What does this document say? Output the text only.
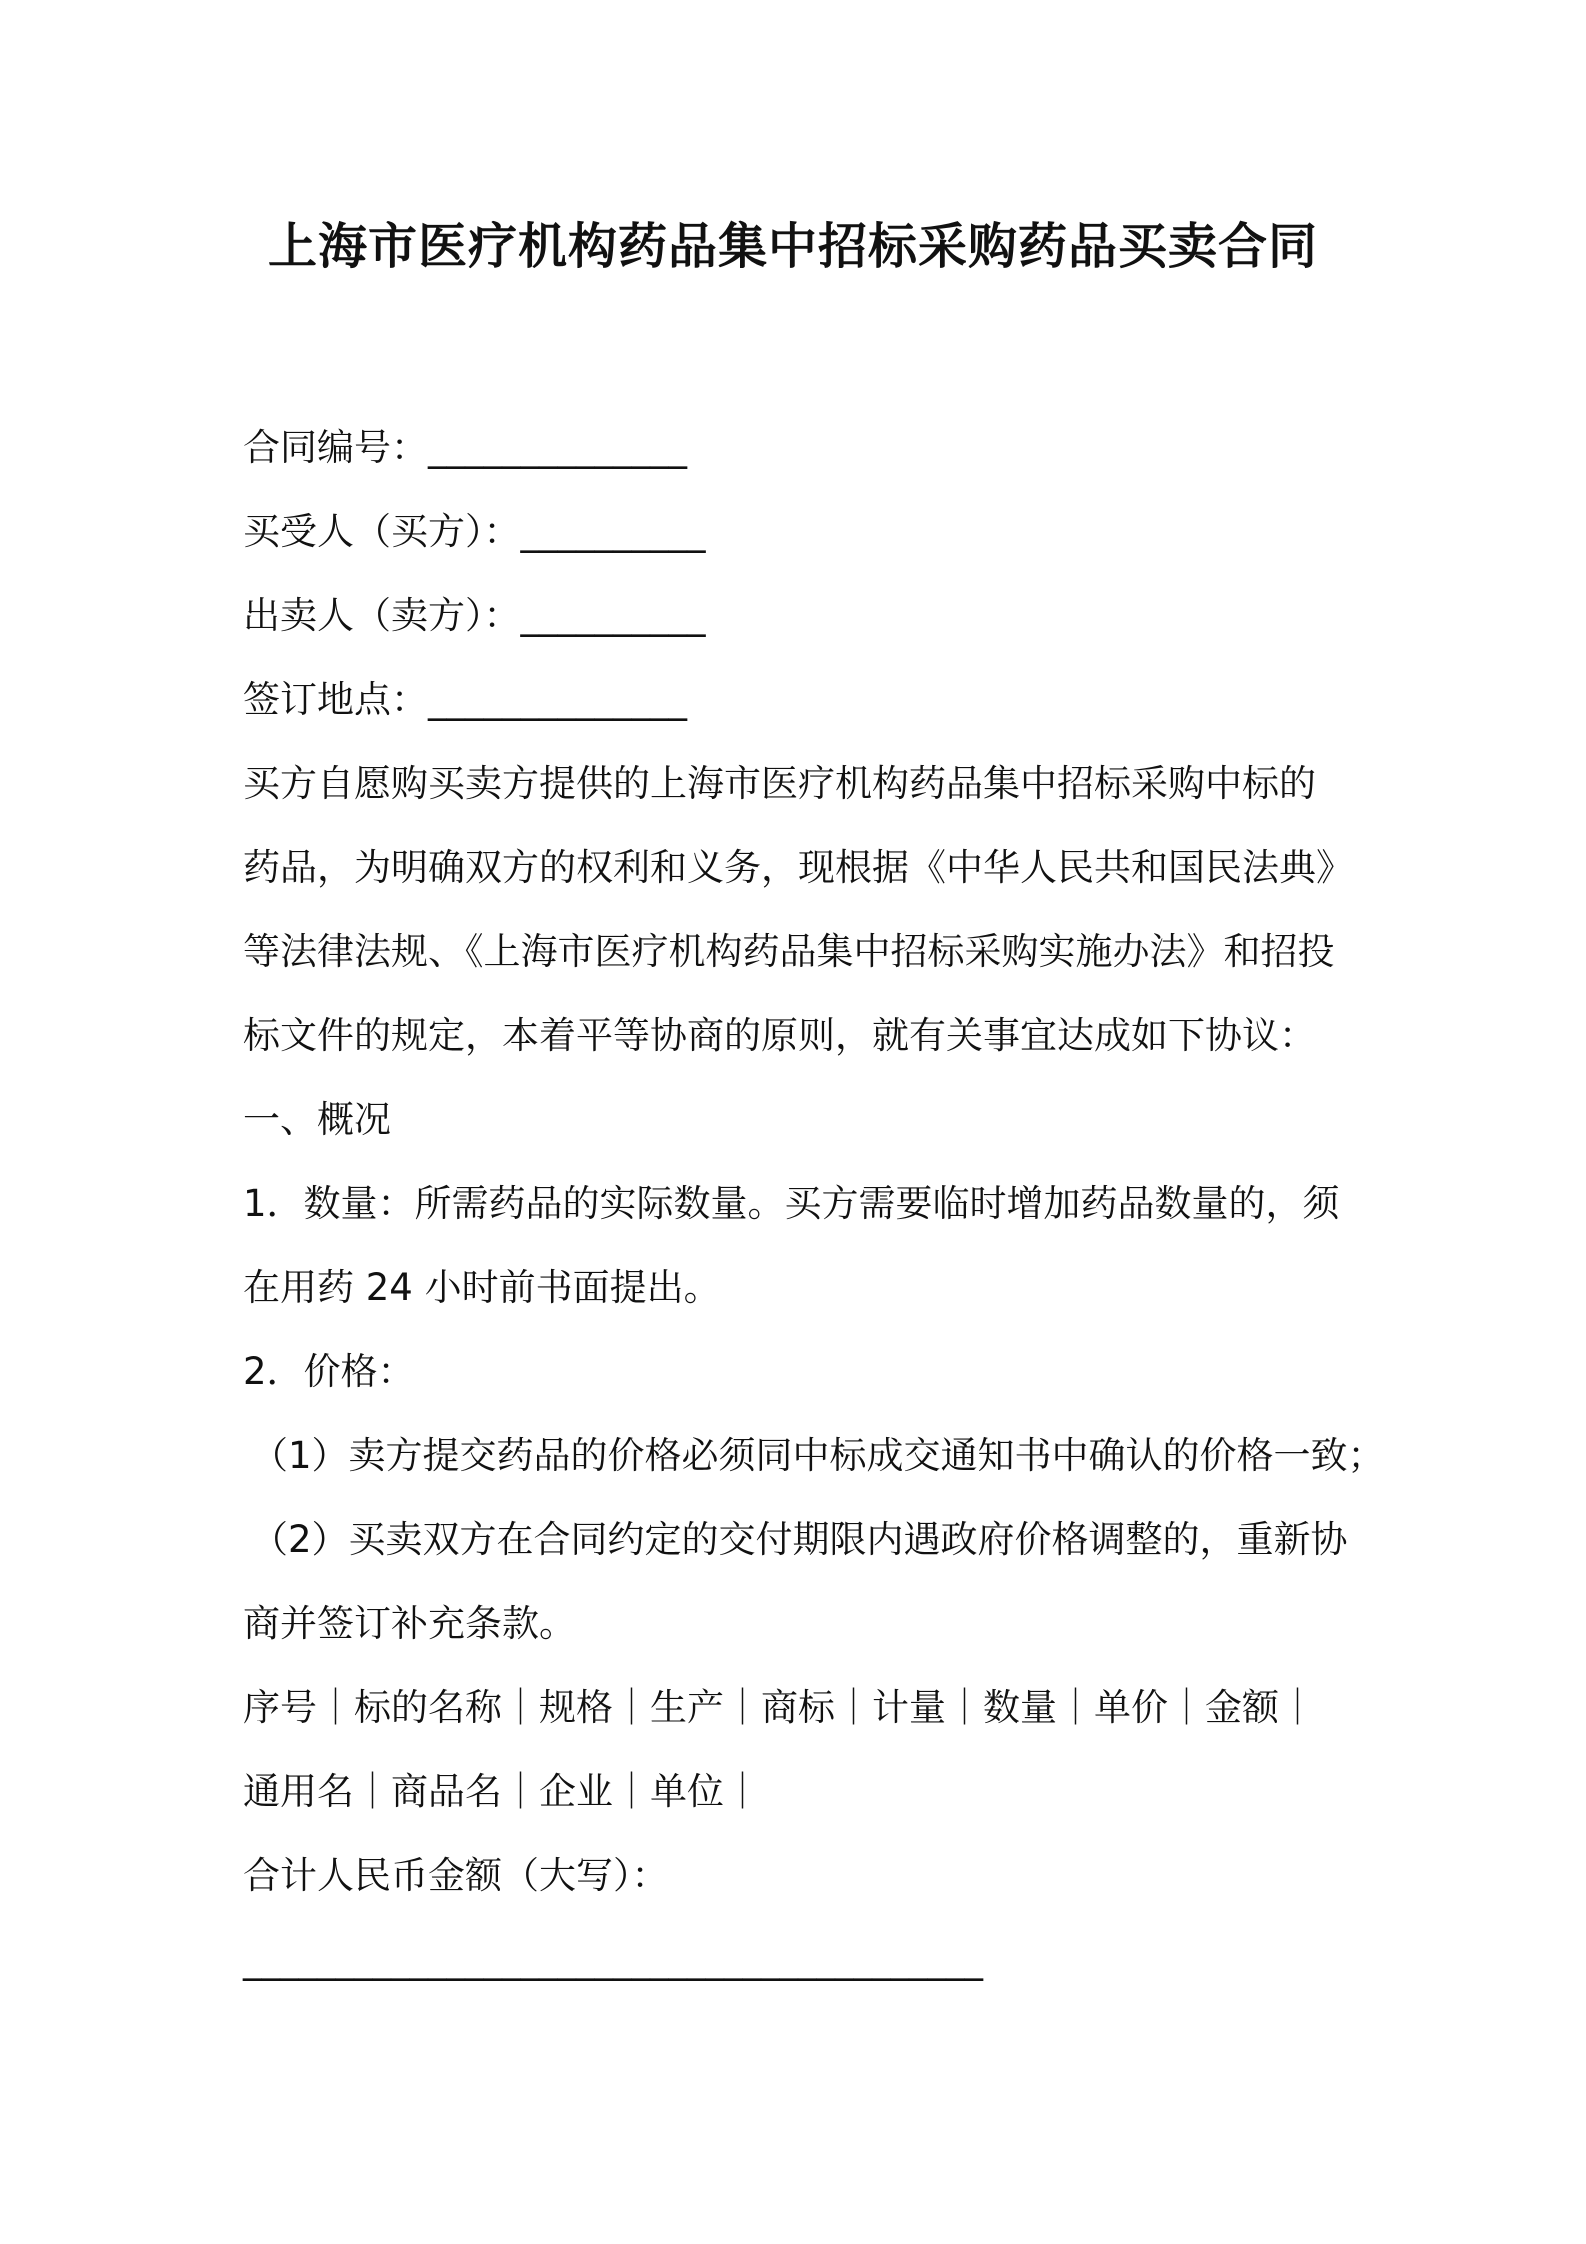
上海市医疗机构药品集中招标采购药品买卖合同
合同编号：______________
买受人（买方）：__________
出卖人（卖方）：__________
签订地点：______________
买方自愿购买卖方提供的上海市医疗机构药品集中招标采购中标的
药品，为明确双方的权利和义务，现根据《中华人民共和国民法典》
等法律法规、《上海市医疗机构药品集中招标采购实施办法》和招投
标文件的规定，本着平等协商的原则，就有关事宜达成如下协议：
一、概况
1．数量：所需药品的实际数量。买方需要临时增加药品数量的，须
在用药 24 小时前书面提出。
2．价格：
（1）卖方提交药品的价格必须同中标成交通知书中确认的价格一致；
（2）买卖双方在合同约定的交付期限内遇政府价格调整的，重新协
商并签订补充条款。
序号｜标的名称｜规格｜生产｜商标｜计量｜数量｜单价｜金额｜
通用名｜商品名｜企业｜单位｜
合计人民币金额（大写）：
________________________________________
